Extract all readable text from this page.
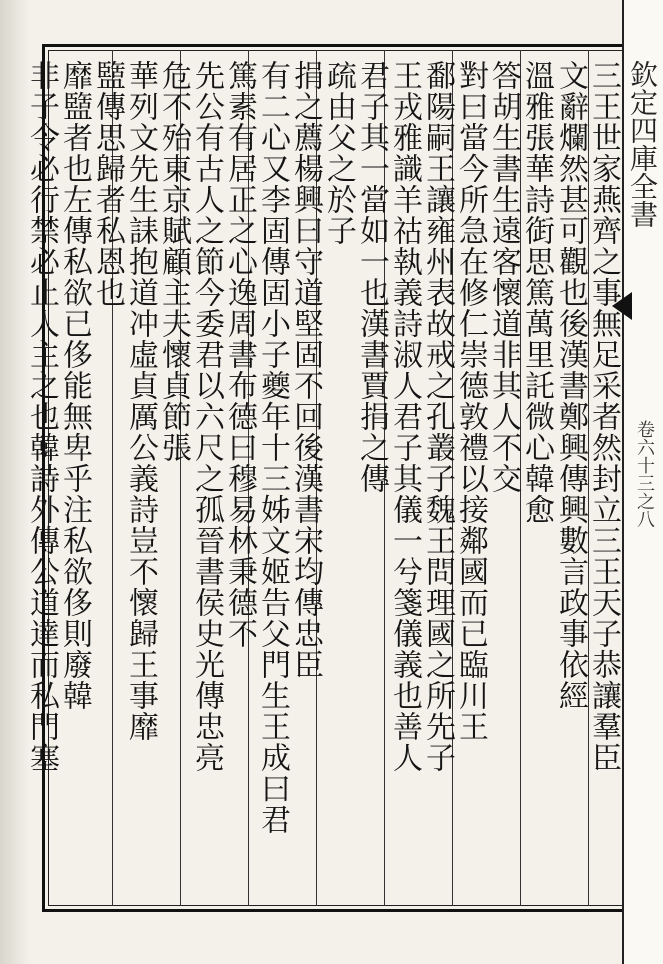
三王世家燕齊之事無足采者然封立三王天子恭讓羣臣
文辭爛然甚可觀也後漢書鄭興傳興數言政事依經
溫雅張華詩衘思篤萬里託微心韓愈
答胡生書生遠客懷道非其人不交
對曰當今所急在修仁崇德敦禮以接鄰國而已臨川王
鄱陽嗣王讓雍州表故戒之孔叢子魏王問理國之所先子
王戎雅識羊祜執義詩淑人君子其儀一兮箋儀義也善人
君子其一當如一也漢書賈捐之傳
疏由父之於子
捐之薦楊興曰守道堅固不回後漢書宋均傳忠臣
有二心又李固傳固小子夔年十三姊文姬告父門生王成曰君
篤素有居正之心逸周書布德曰穆易林秉德不
先公有古人之節今委君以六尺之孤晉書侯史光傳忠亮
危不殆東京賦顧主夫懷貞節張
華列文先生誄抱道冲虛貞厲公義詩豈不懷歸王事靡
盬傳思歸者私恩也
靡盬者也左傳私欲已侈能無卑乎注私欲侈則廢韓
非子令必行禁必止人主之也韓詩外傳公道達而私門塞	欽定四庫全書
卷六十三之八
